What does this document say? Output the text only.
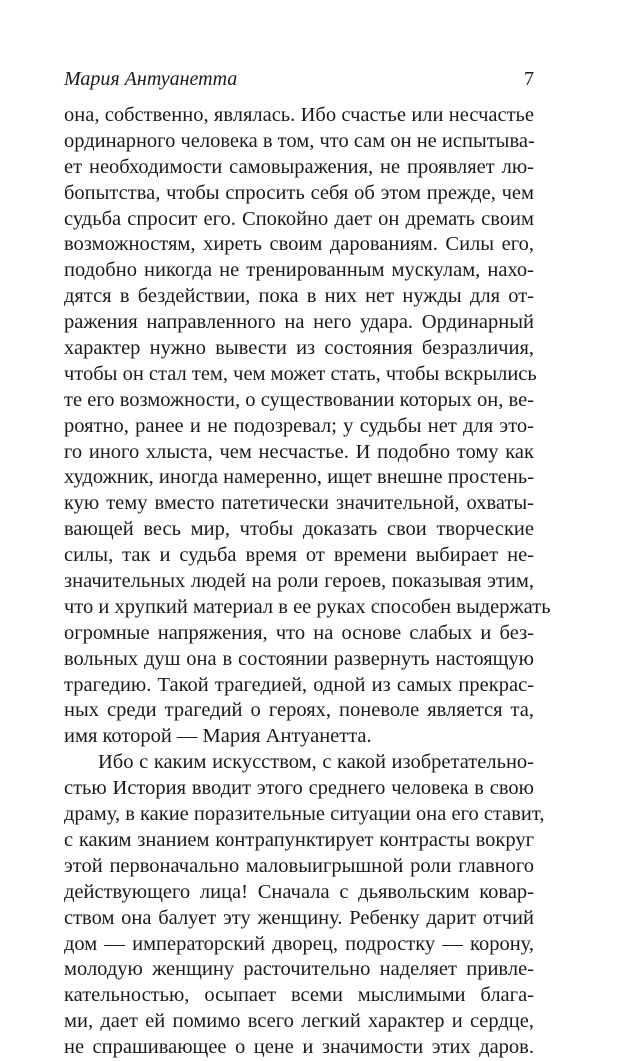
Мария Антуанетта	7
она, собственно, являлась. Ибо счастье или несчастье
ординарного человека в том, что сам он не испытыва-
ет необходимости самовыражения, не проявляет лю-
бопытства, чтобы спросить себя об этом прежде, чем
судьба спросит его. Спокойно дает он дремать своим
возможностям, хиреть своим дарованиям. Силы его,
подобно никогда не тренированным мускулам, нахо-
дятся в бездействии, пока в них нет нужды для от-
ражения направленного на него удара. Ординарный
характер нужно вывести из состояния безразличия,
чтобы он стал тем, чем может стать, чтобы вскрылись
те его возможности, о существовании которых он, ве-
роятно, ранее и не подозревал; у судьбы нет для это-
го иного хлыста, чем несчастье. И подобно тому как
художник, иногда намеренно, ищет внешне простень-
кую тему вместо патетически значительной, охваты-
вающей весь мир, чтобы доказать свои творческие
силы, так и судьба время от времени выбирает не-
значительных людей на роли героев, показывая этим,
что и хрупкий материал в ее руках способен выдержать
огромные напряжения, что на основе слабых и без-
вольных душ она в состоянии развернуть настоящую
трагедию. Такой трагедией, одной из самых прекрас-
ных среди трагедий о героях, поневоле является та,
имя которой — Мария Антуанетта.
Ибо с каким искусством, с какой изобретательно-
стью История вводит этого среднего человека в свою
драму, в какие поразительные ситуации она его ставит,
с каким знанием контрапунктирует контрасты вокруг
этой первоначально маловыигрышной роли главного
действующего лица! Сначала с дьявольским ковар-
ством она балует эту женщину. Ребенку дарит отчий
дом — императорский дворец, подростку — корону,
молодую женщину расточительно наделяет привле-
кательностью, осыпает всеми мыслимыми блага-
ми, дает ей помимо всего легкий характер и сердце,
не спрашивающее о цене и значимости этих даров.
